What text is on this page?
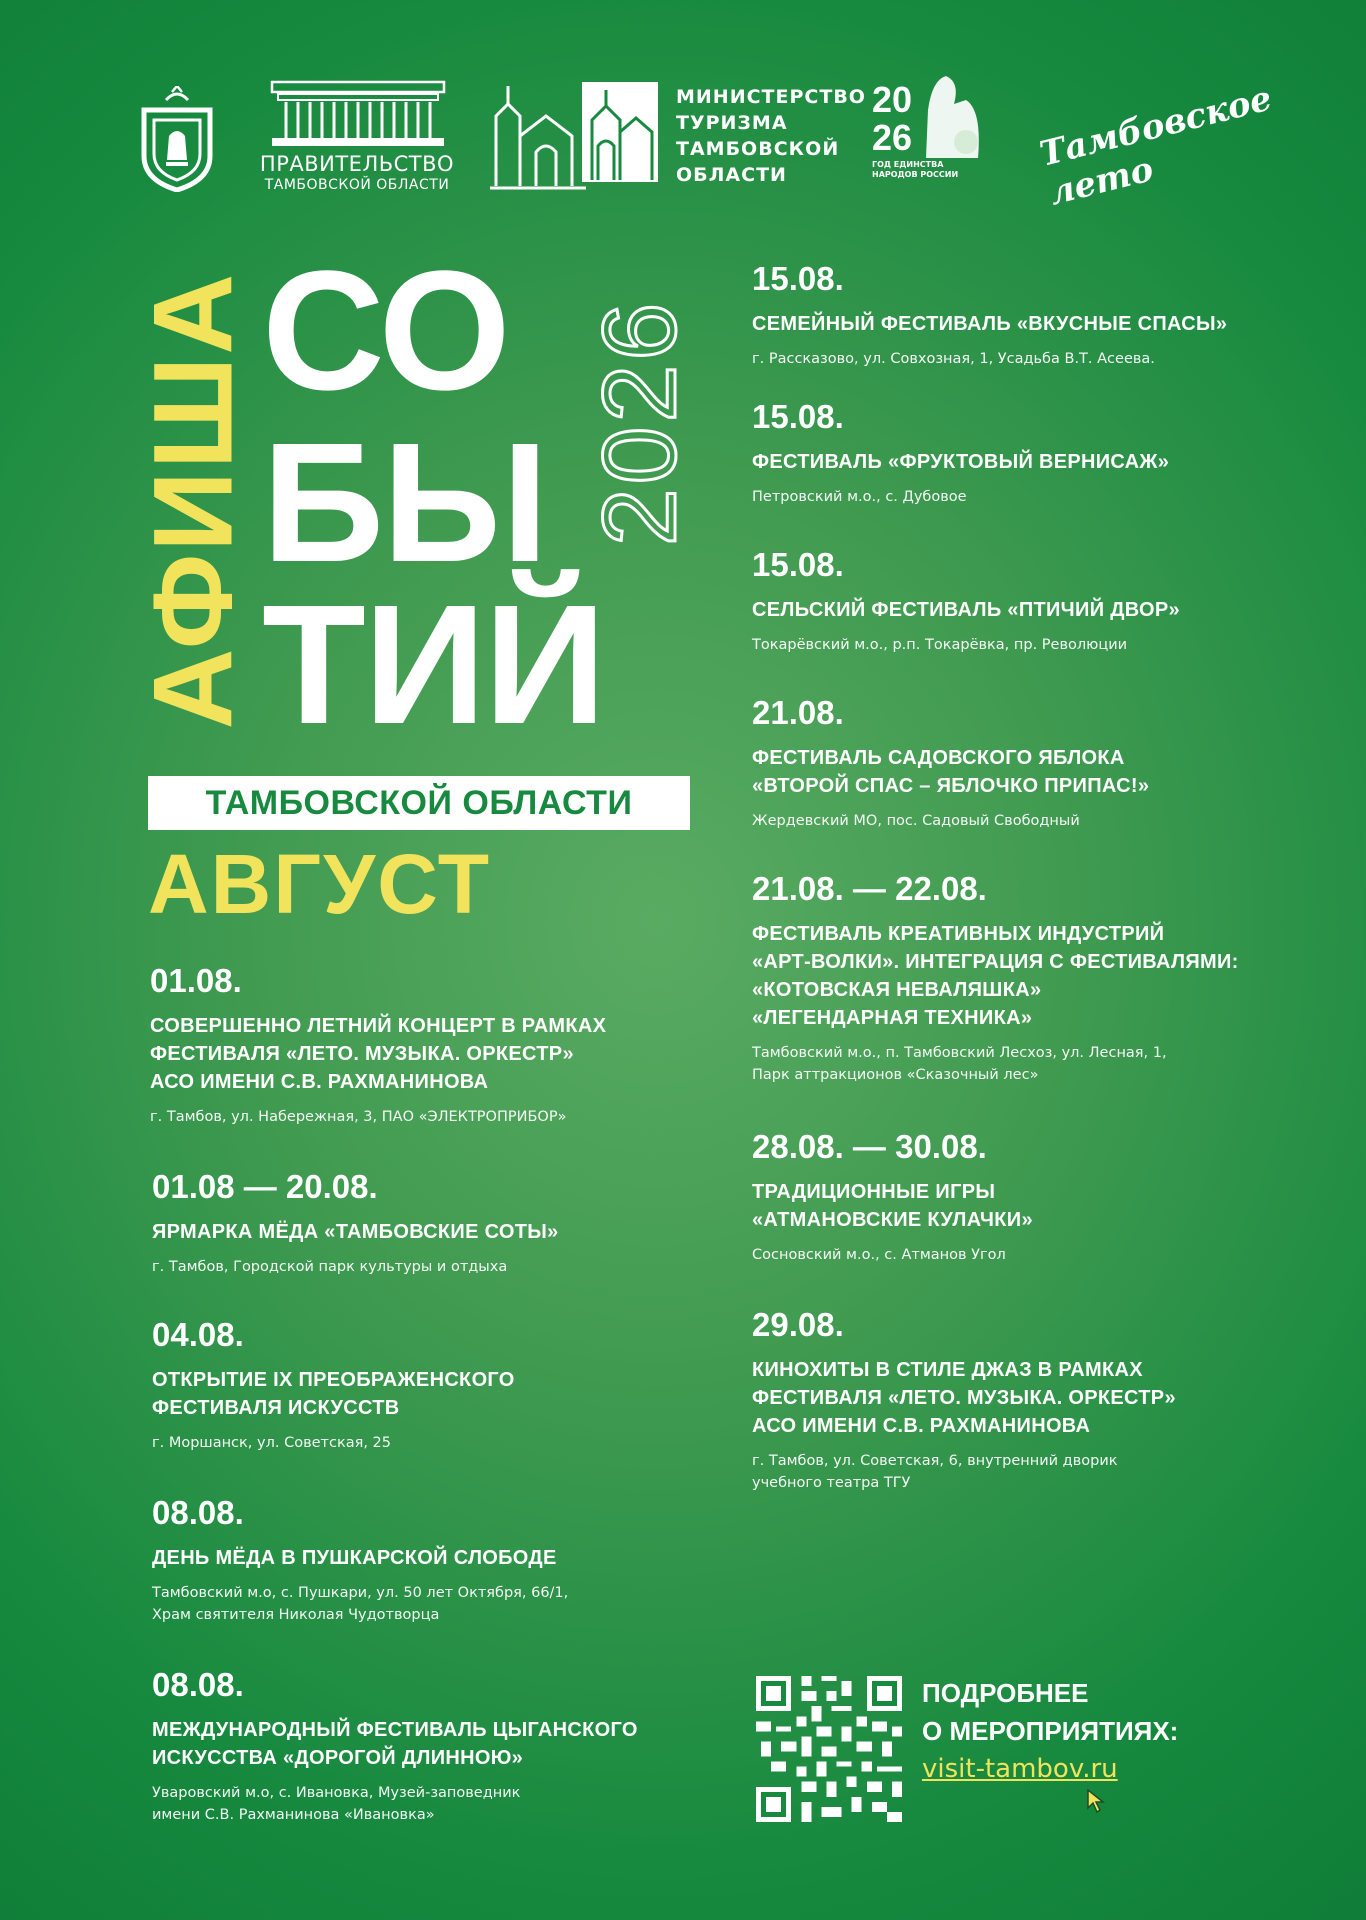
ПРАВИТЕЛЬСТВО
ТАМБОВСКОЙ ОБЛАСТИ
МИНИСТЕРСТВО
ТУРИЗМА
ТАМБОВСКОЙ
ОБЛАСТИ
20
26
ГОД ЕДИНСТВА
НАРОДОВ РОССИИ	Тамбовское лето
АФИША СО
БЫ
ТИЙ
2026
ТАМБОВСКОЙ ОБЛАСТИ
АВГУСТ
01.08.
СОВЕРШЕННО ЛЕТНИЙ КОНЦЕРТ В РАМКАХ
ФЕСТИВАЛЯ «ЛЕТО. МУЗЫКА. ОРКЕСТР»
АСО ИМЕНИ С.В. РАХМАНИНОВА
г. Тамбов, ул. Набережная, 3, ПАО «ЭЛЕКТРОПРИБОР»
01.08 — 20.08.
ЯРМАРКА МЁДА «ТАМБОВСКИЕ СОТЫ»
г. Тамбов, Городской парк культуры и отдыха
04.08.
ОТКРЫТИЕ IX ПРЕОБРАЖЕНСКОГО
ФЕСТИВАЛЯ ИСКУССТВ
г. Моршанск, ул. Советская, 25
08.08.
ДЕНЬ МЁДА В ПУШКАРСКОЙ СЛОБОДЕ
Тамбовский м.о, с. Пушкари, ул. 50 лет Октября, 66/1,
Храм святителя Николая Чудотворца
08.08.
МЕЖДУНАРОДНЫЙ ФЕСТИВАЛЬ ЦЫГАНСКОГО
ИСКУССТВА «ДОРОГОЙ ДЛИННОЮ»
Уваровский м.о, с. Ивановка, Музей-заповедник
имени С.В. Рахманинова «Ивановка»
15.08.
СЕМЕЙНЫЙ ФЕСТИВАЛЬ «ВКУСНЫЕ СПАСЫ»
г. Рассказово, ул. Совхозная, 1, Усадьба В.Т. Асеева.
15.08.
ФЕСТИВАЛЬ «ФРУКТОВЫЙ ВЕРНИСАЖ»
Петровский м.о., с. Дубовое
15.08.
СЕЛЬСКИЙ ФЕСТИВАЛЬ «ПТИЧИЙ ДВОР»
Токарёвский м.о., р.п. Токарёвка, пр. Революции
21.08.
ФЕСТИВАЛЬ САДОВСКОГО ЯБЛОКА
«ВТОРОЙ СПАС – ЯБЛОЧКО ПРИПАС!»
Жердевский МО, пос. Садовый Свободный
21.08. — 22.08.
ФЕСТИВАЛЬ КРЕАТИВНЫХ ИНДУСТРИЙ
«АРТ-ВОЛКИ». ИНТЕГРАЦИЯ С ФЕСТИВАЛЯМИ:
«КОТОВСКАЯ НЕВАЛЯШКА»
«ЛЕГЕНДАРНАЯ ТЕХНИКА»
Тамбовский м.о., п. Тамбовский Лесхоз, ул. Лесная, 1,
Парк аттракционов «Сказочный лес»
28.08. — 30.08.
ТРАДИЦИОННЫЕ ИГРЫ
«АТМАНОВСКИЕ КУЛАЧКИ»
Сосновский м.о., с. Атманов Угол
29.08.
КИНОХИТЫ В СТИЛЕ ДЖАЗ В РАМКАХ
ФЕСТИВАЛЯ «ЛЕТО. МУЗЫКА. ОРКЕСТР»
АСО ИМЕНИ С.В. РАХМАНИНОВА
г. Тамбов, ул. Советская, 6, внутренний дворик
учебного театра ТГУ
ПОДРОБНЕЕ
О МЕРОПРИЯТИЯХ:
visit-tambov.ru
